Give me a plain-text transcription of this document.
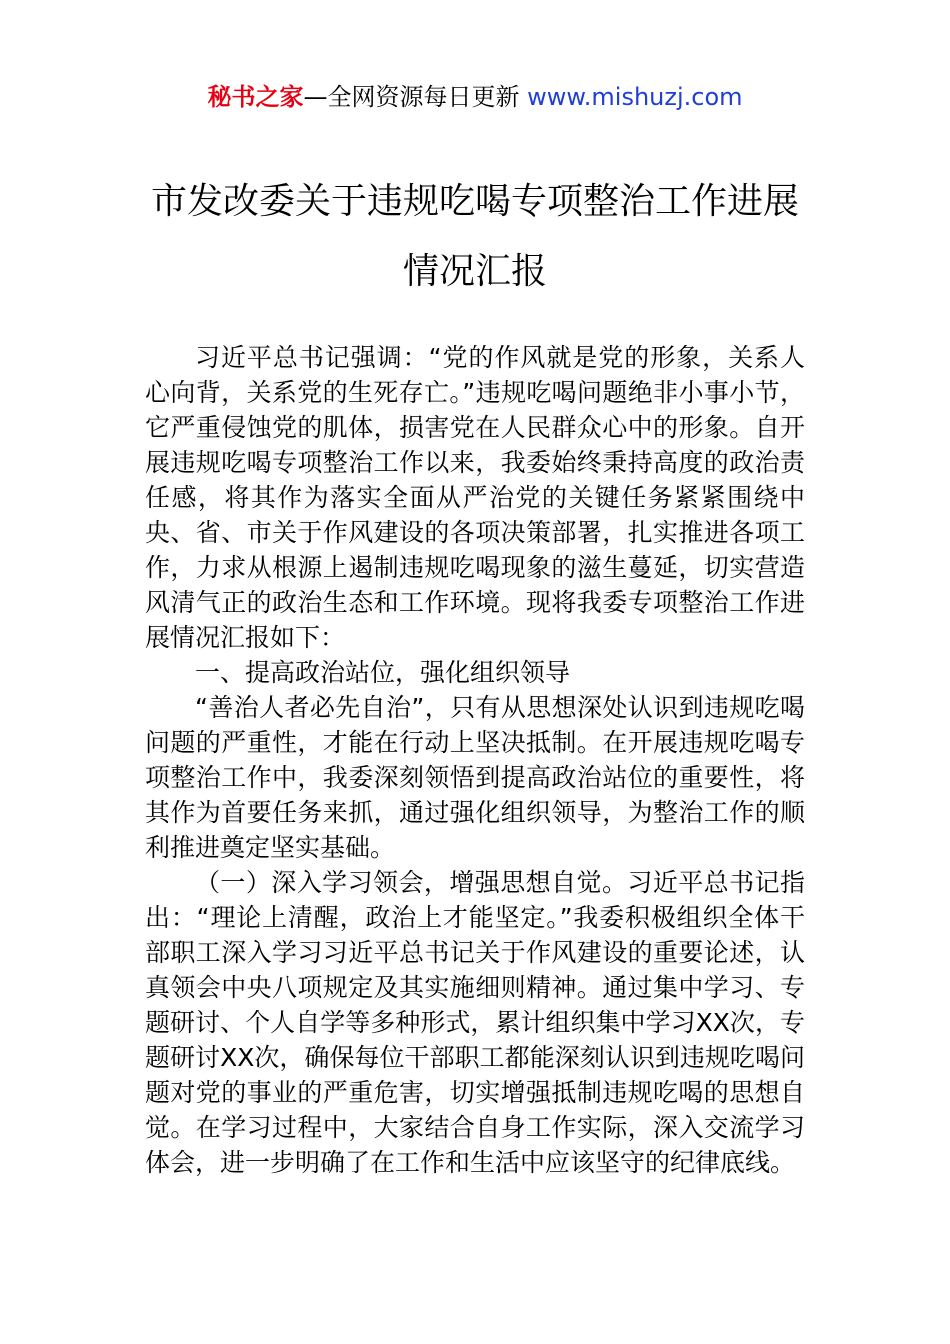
秘书之家—全网资源每日更新 www.mishuzj.com
市发改委关于违规吃喝专项整治工作进展
情况汇报

习近平总书记强调：“党的作风就是党的形象，关系人心向背，关系党的生死存亡。”违规吃喝问题绝非小事小节，它严重侵蚀党的肌体，损害党在人民群众心中的形象。自开展违规吃喝专项整治工作以来，我委始终秉持高度的政治责任感，将其作为落实全面从严治党的关键任务紧紧围绕中央、省、市关于作风建设的各项决策部署，扎实推进各项工作，力求从根源上遏制违规吃喝现象的滋生蔓延，切实营造风清气正的政治生态和工作环境。现将我委专项整治工作进展情况汇报如下：

一、提高政治站位，强化组织领导

“善治人者必先自治”，只有从思想深处认识到违规吃喝问题的严重性，才能在行动上坚决抵制。在开展违规吃喝专项整治工作中，我委深刻领悟到提高政治站位的重要性，将其作为首要任务来抓，通过强化组织领导，为整治工作的顺利推进奠定坚实基础。

（一）深入学习领会，增强思想自觉。习近平总书记指出：“理论上清醒，政治上才能坚定。”我委积极组织全体干部职工深入学习习近平总书记关于作风建设的重要论述，认真领会中央八项规定及其实施细则精神。通过集中学习、专题研讨、个人自学等多种形式，累计组织集中学习XX次，专题研讨XX次，确保每位干部职工都能深刻认识到违规吃喝问题对党的事业的严重危害，切实增强抵制违规吃喝的思想自觉。在学习过程中，大家结合自身工作实际，深入交流学习体会，进一步明确了在工作和生活中应该坚守的纪律底线。
